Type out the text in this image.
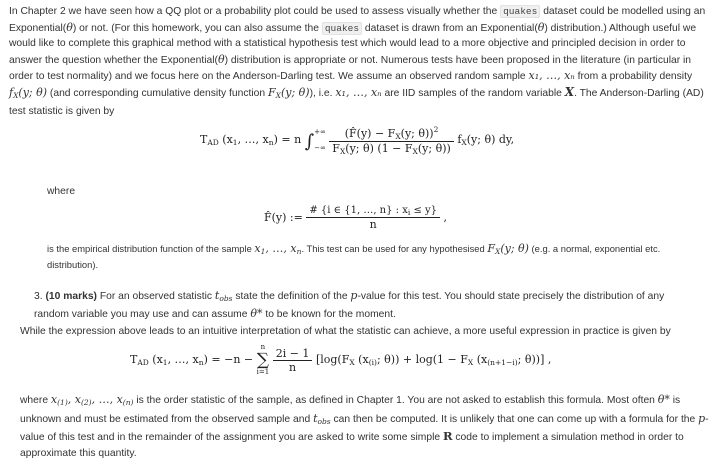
In Chapter 2 we have seen how a QQ plot or a probability plot could be used to assess visually whether the quakes dataset could be modelled using an Exponential(θ) or not. (For this homework, you can also assume the quakes dataset is drawn from an Exponential(θ) distribution.) Although useful we would like to complete this graphical method with a statistical hypothesis test which would lead to a more objective and principled decision in order to answer the question whether the Exponential(θ) distribution is appropriate or not. Numerous tests have been proposed in the literature (in particular in order to test normality) and we focus here on the Anderson-Darling test. We assume an observed random sample x₁, …, xₙ from a probability density $f_X(y$; θ) (and corresponding cumulative density function $F_X(y$; θ)), i.e. x₁, …, xₙ are IID samples of the random variable X. The Anderson-Darling (AD) test statistic is given by
$T_{AD}$ ($x_1$, …, $x_n) = n$ ∫ +∞
−∞
$\frac{(F̂(y) - F_X(y; \theta))^2}{F_X(y; \theta) (1 - F_X(y; \theta))} f_X(y$; θ) dy,
where
F̂(y) := $\frac{\# \{i \in \{1, \dots, n\} : x_i \le y\}}{n}$ ,
is the empirical distribution function of the sample $x_1$, …, $x_n$. This test can be used for any hypothesised $F_X(y$; θ) (e.g. a normal, exponential etc. distribution).
3. (10 marks) For an observed statistic $t_{obs}$ state the definition of the p-value for this test. You should state precisely the distribution of any random variable you may use and can assume θ* to be known for the moment.
While the expression above leads to an intuitive interpretation of what the statistic can achieve, a more useful expression in practice is given by
$T_{AD}$ ($x_1$, …, $x_n) = -n$ −
n
∑
i=1
$\frac{2i - 1}{n} [\log(F_X$ ($x_{(i)}$; $\theta)) + \log(1 - F_X$ ($x_{(n+1-i)}$; θ))] ,
where $x_{(1)}$, $x_{(2)}$, …, $x_{(n)}$ is the order statistic of the sample, as defined in Chapter 1. You are not asked to establish this formula. Most often θ* is unknown and must be estimated from the observed sample and $t_{obs}$ can then be computed. It is unlikely that one can come up with a formula for the p-value of this test and in the remainder of the assignment you are asked to write some simple R code to implement a simulation method in order to approximate this quantity.
